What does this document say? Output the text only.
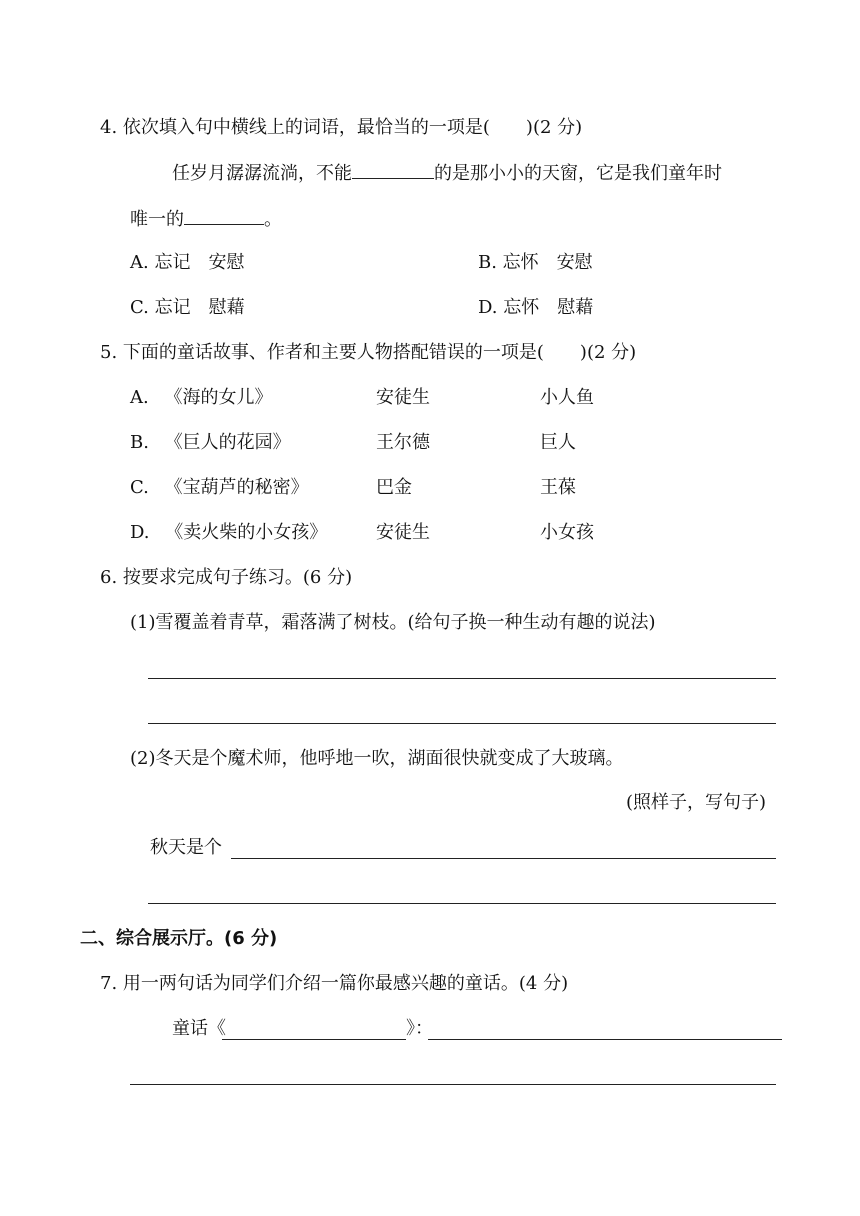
4. 依次填入句中横线上的词语，最恰当的一项是(　　)(2 分)
任岁月潺潺流淌，不能	的是那小小的天窗，它是我们童年时
唯一的	。
A. 忘记　安慰	B. 忘怀　安慰
C. 忘记　慰藉	D. 忘怀　慰藉
5. 下面的童话故事、作者和主要人物搭配错误的一项是(　　)(2 分)
A. 《海的女儿》	安徒生	小人鱼
B. 《巨人的花园》	王尔德	巨人
C. 《宝葫芦的秘密》	巴金	王葆
D. 《卖火柴的小女孩》	安徒生	小女孩
6. 按要求完成句子练习。(6 分)
(1)雪覆盖着青草，霜落满了树枝。(给句子换一种生动有趣的说法)
(2)冬天是个魔术师，他呼地一吹，湖面很快就变成了大玻璃。
(照样子，写句子)
秋天是个
二、综合展示厅。(6 分)
7. 用一两句话为同学们介绍一篇你最感兴趣的童话。(4 分)
童话《	》：
